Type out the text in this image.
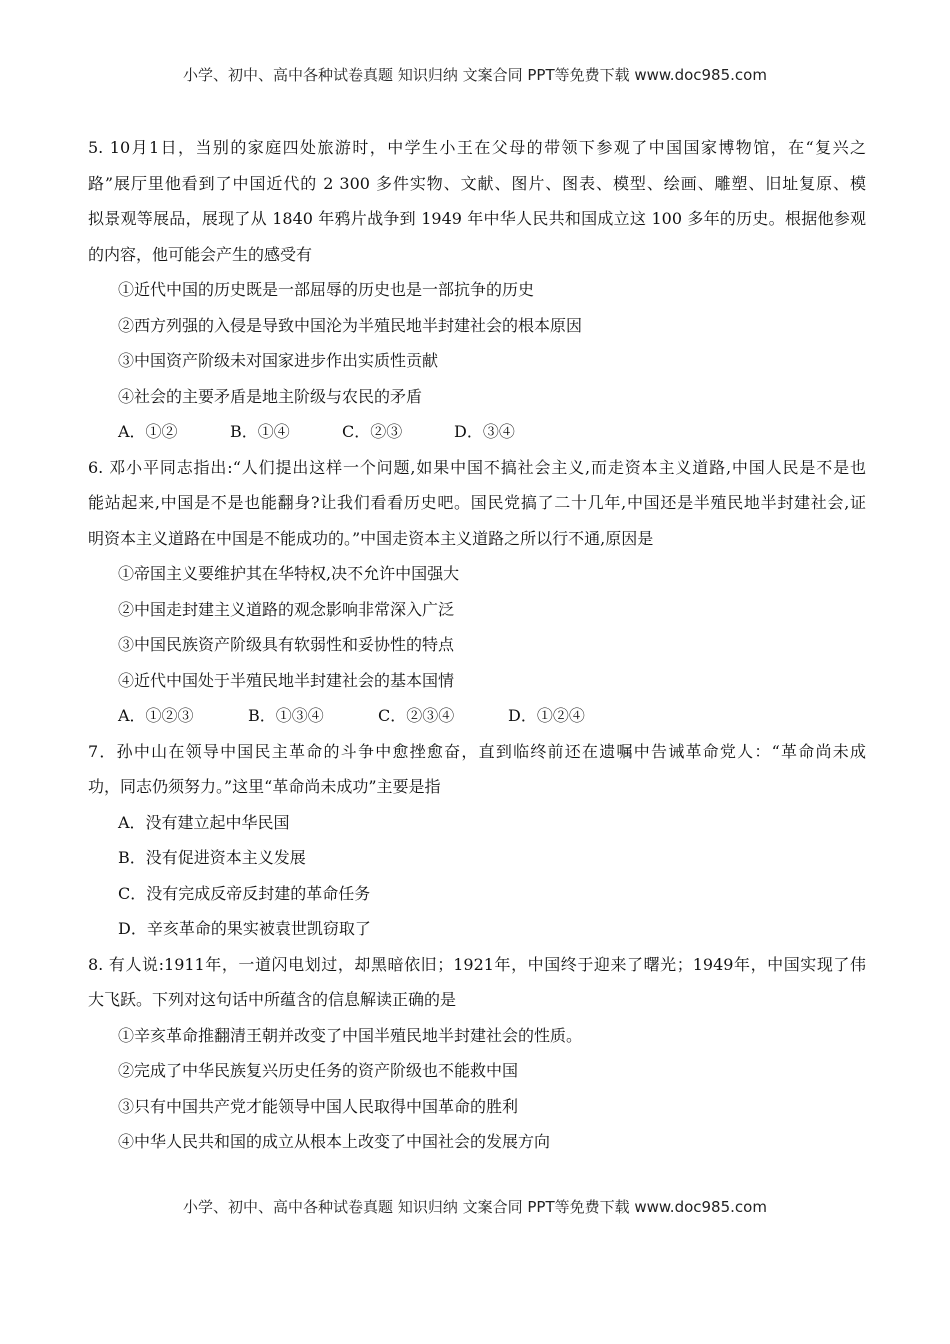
小学、初中、高中各种试卷真题 知识归纳 文案合同 PPT等免费下载 www.doc985.com
5. 10月1日，当别的家庭四处旅游时，中学生小王在父母的带领下参观了中国国家博物馆，在“复兴之
路”展厅里他看到了中国近代的 2 300 多件实物、文献、图片、图表、模型、绘画、雕塑、旧址复原、模
拟景观等展品，展现了从 1840 年鸦片战争到 1949 年中华人民共和国成立这 100 多年的历史。根据他参观
的内容，他可能会产生的感受有
①近代中国的历史既是一部屈辱的历史也是一部抗争的历史
②西方列强的入侵是导致中国沦为半殖民地半封建社会的根本原因
③中国资产阶级未对国家进步作出实质性贡献
④社会的主要矛盾是地主阶级与农民的矛盾
A．①②	B．①④	C．②③	D．③④
6. 邓小平同志指出:“人们提出这样一个问题,如果中国不搞社会主义,而走资本主义道路,中国人民是不是也
能站起来,中国是不是也能翻身?让我们看看历史吧。国民党搞了二十几年,中国还是半殖民地半封建社会,证
明资本主义道路在中国是不能成功的。”中国走资本主义道路之所以行不通,原因是
①帝国主义要维护其在华特权,决不允许中国强大
②中国走封建主义道路的观念影响非常深入广泛
③中国民族资产阶级具有软弱性和妥协性的特点
④近代中国处于半殖民地半封建社会的基本国情
A．①②③	B．①③④	C．②③④	D．①②④
7．孙中山在领导中国民主革命的斗争中愈挫愈奋，直到临终前还在遗嘱中告诫革命党人：“革命尚未成
功，同志仍须努力。”这里“革命尚未成功”主要是指
A．没有建立起中华民国
B．没有促进资本主义发展
C．没有完成反帝反封建的革命任务
D．辛亥革命的果实被袁世凯窃取了
8. 有人说:1911年，一道闪电划过，却黑暗依旧；1921年，中国终于迎来了曙光；1949年，中国实现了伟
大飞跃。下列对这句话中所蕴含的信息解读正确的是
①辛亥革命推翻清王朝并改变了中国半殖民地半封建社会的性质。
②完成了中华民族复兴历史任务的资产阶级也不能救中国
③只有中国共产党才能领导中国人民取得中国革命的胜利
④中华人民共和国的成立从根本上改变了中国社会的发展方向
小学、初中、高中各种试卷真题 知识归纳 文案合同 PPT等免费下载 www.doc985.com
